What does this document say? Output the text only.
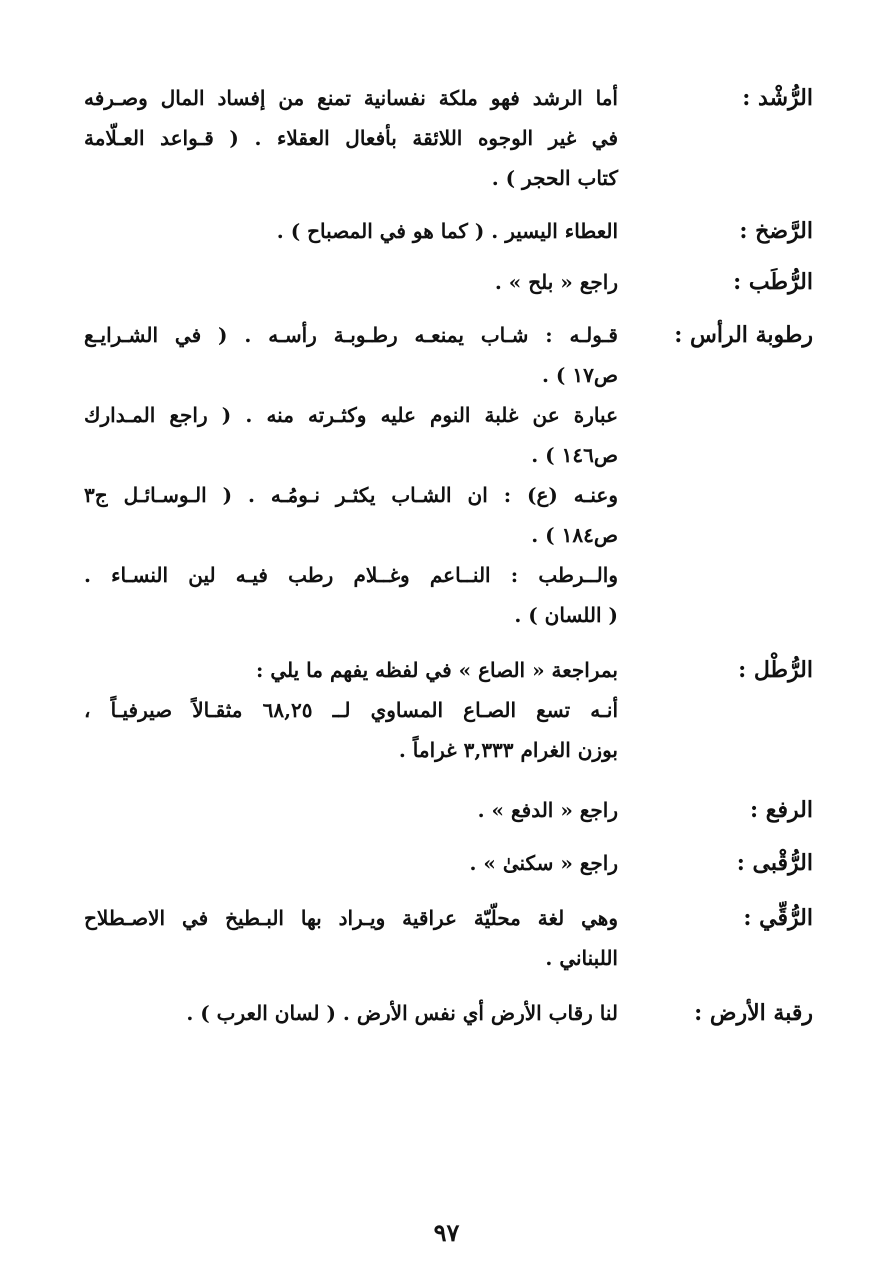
الرُّشْد :
أما الرشد فهو ملكة نفسانية تمنع من إفساد المال وصـرفه
في غير الوجوه اللائقة بأفعال العقلاء . ( قـواعد العـلّامة
كتاب الحجر ) .
الرَّضخ :
العطاء اليسير . ( كما هو في المصباح ) .
الرُّطَب :
راجع « بلح » .
رطوبة الرأس :
قـولـه : شـاب يمنعـه رطـوبـة رأسـه . ( في الشـرايـع
ص١٧ ) .
عبارة عن غلبة النوم عليه وكثـرته منه . ( راجع المـدارك
ص١٤٦ ) .
وعنـه (ع) : ان الشـاب يكثـر نـومُـه . ( الـوسـائـل ج٣
ص١٨٤ ) .
والــرطب : النــاعم وغــلام رطب فيـه لين النسـاء .
( اللسان ) .
الرُّطْل :
بمراجعة « الصاع » في لفظه يفهم ما يلي :
أنـه تسع الصـاع المساوي لــ ٦٨,٢٥ مثقـالاً صيرفيـاً ،
بوزن الغرام ٣,٣٣٣ غراماً .
الرفع :
راجع « الدفع » .
الرُّقْبى :
راجع « سكنىٰ » .
الرُّقِّي :
وهي لغة محلّيّة عراقية ويـراد بها البـطيخ في الاصـطلاح
اللبناني .
رقبة الأرض :
لنا رقاب الأرض أي نفس الأرض . ( لسان العرب ) .
٩٧
